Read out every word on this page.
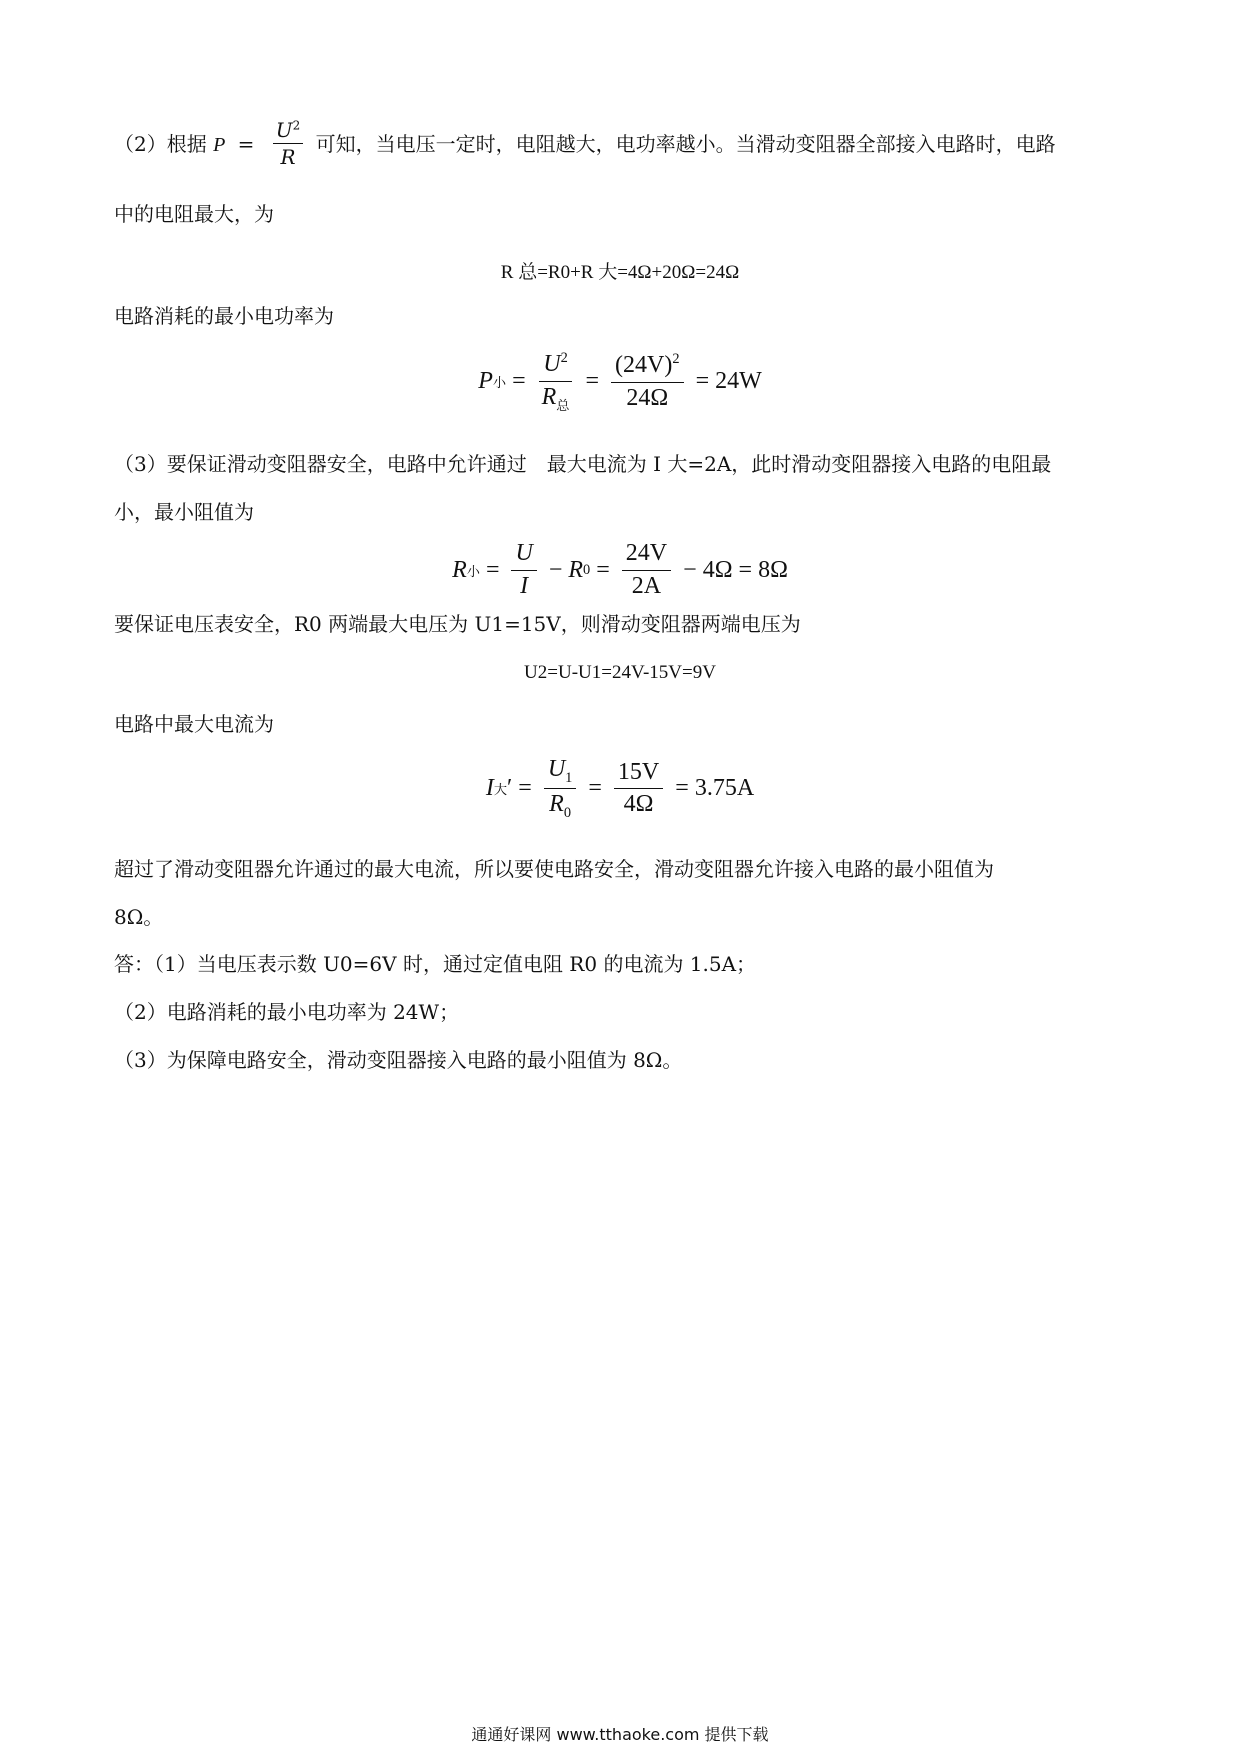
（2）根据 $P = \frac{U^2}{R}$ 可知，当电压一定时，电阻越大，电功率越小。当滑动变阻器全部接入电路时，电路
中的电阻最大，为
R 总=R0+R 大=4Ω+20Ω=24Ω
电路消耗的最小电功率为
P 小 = $\frac{U^2}{R_总} = \frac{(24V)^2}{24\Omega} = 24W$
（3）要保证滑动变阻器安全，电路中允许通过　最大电流为 I 大=2A，此时滑动变阻器接入电路的电阻最
小，最小阻值为
R 小 = $\frac{U}{I} - R$ $0 = \frac{24V}{2A} - 4\Omega = 8\Omega$
要保证电压表安全，R0 两端最大电压为 U1=15V，则滑动变阻器两端电压为
U2=U-U1=24V-15V=9V
电路中最大电流为
I 大 ′ = $\frac{U_1}{R_0} = \frac{15V}{4\Omega} = 3.75A$
超过了滑动变阻器允许通过的最大电流，所以要使电路安全，滑动变阻器允许接入电路的最小阻值为
8Ω。
答：（1）当电压表示数 U0=6V 时，通过定值电阻 R0 的电流为 1.5A；
（2）电路消耗的最小电功率为 24W；
（3）为保障电路安全，滑动变阻器接入电路的最小阻值为 8Ω。
通通好课网 www.tthaoke.com 提供下载
